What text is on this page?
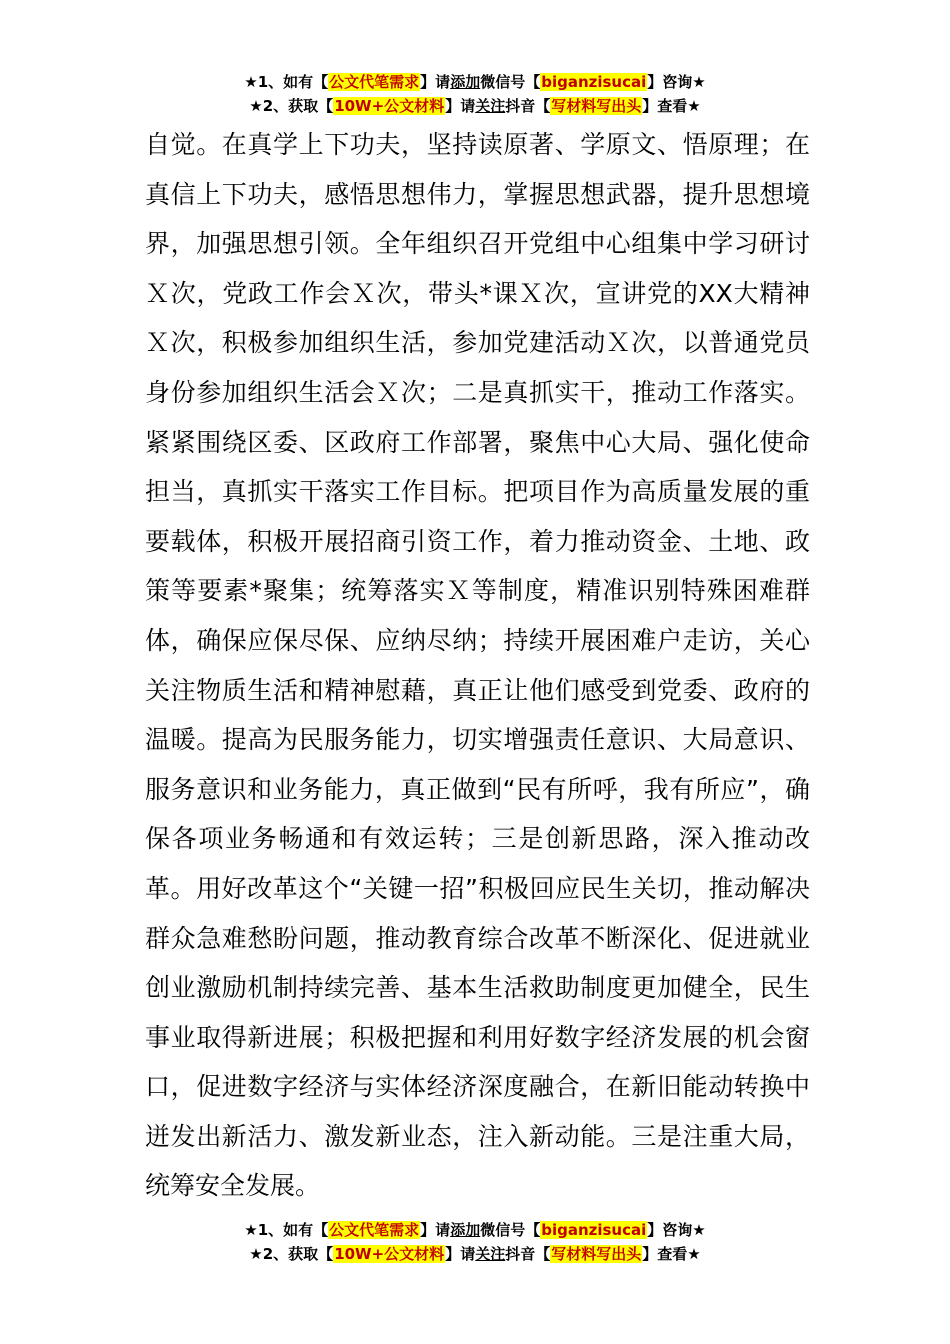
★1、如有【公文代笔需求】请添加微信号【biganzisucai】咨询★
★2、获取【10W+公文材料】请关注抖音【写材料写出头】查看★

自觉。在真学上下功夫，坚持读原著、学原文、悟原理；在真信上下功夫，感悟思想伟力，掌握思想武器，提升思想境界，加强思想引领。全年组织召开党组中心组集中学习研讨Ｘ次，党政工作会Ｘ次，带头*课Ｘ次，宣讲党的XX大精神Ｘ次，积极参加组织生活，参加党建活动Ｘ次，以普通党员身份参加组织生活会Ｘ次；二是真抓实干，推动工作落实。紧紧围绕区委、区政府工作部署，聚焦中心大局、强化使命担当，真抓实干落实工作目标。把项目作为高质量发展的重要载体，积极开展招商引资工作，着力推动资金、土地、政策等要素*聚集；统筹落实Ｘ等制度，精准识别特殊困难群体，确保应保尽保、应纳尽纳；持续开展困难户走访，关心关注物质生活和精神慰藉，真正让他们感受到党委、政府的温暖。提高为民服务能力，切实增强责任意识、大局意识、服务意识和业务能力，真正做到“民有所呼，我有所应”，确保各项业务畅通和有效运转；三是创新思路，深入推动改革。用好改革这个“关键一招”积极回应民生关切，推动解决群众急难愁盼问题，推动教育综合改革不断深化、促进就业创业激励机制持续完善、基本生活救助制度更加健全，民生事业取得新进展；积极把握和利用好数字经济发展的机会窗口，促进数字经济与实体经济深度融合，在新旧能动转换中迸发出新活力、激发新业态，注入新动能。三是注重大局，统筹安全发展。

★1、如有【公文代笔需求】请添加微信号【biganzisucai】咨询★
★2、获取【10W+公文材料】请关注抖音【写材料写出头】查看★
